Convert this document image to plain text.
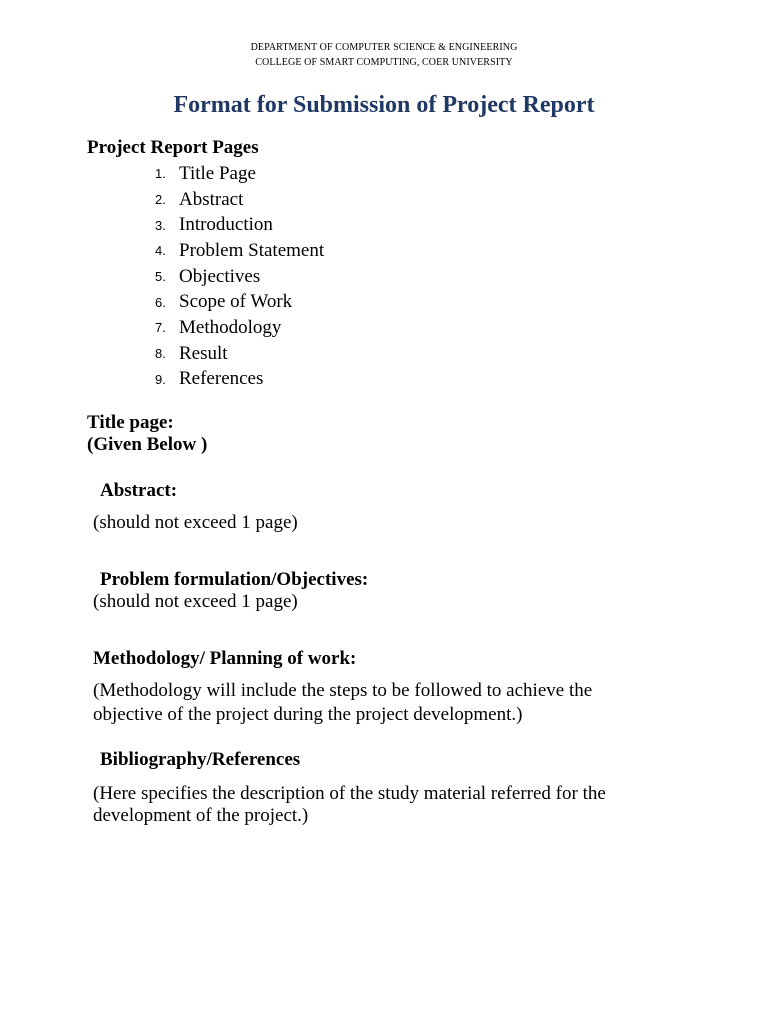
DEPARTMENT OF COMPUTER SCIENCE & ENGINEERING
COLLEGE OF SMART COMPUTING, COER UNIVERSITY
Format for Submission of Project Report
Project Report Pages
1. Title Page
2. Abstract
3. Introduction
4. Problem Statement
5. Objectives
6. Scope of Work
7. Methodology
8. Result
9. References
Title page:
(Given Below )
Abstract:
(should not exceed 1 page)
Problem formulation/Objectives:
(should not exceed 1 page)
Methodology/ Planning of work:
(Methodology will include the steps to be followed to achieve the
objective of the project during the project development.)
Bibliography/References
(Here specifies the description of the study material referred for the
development of the project.)
